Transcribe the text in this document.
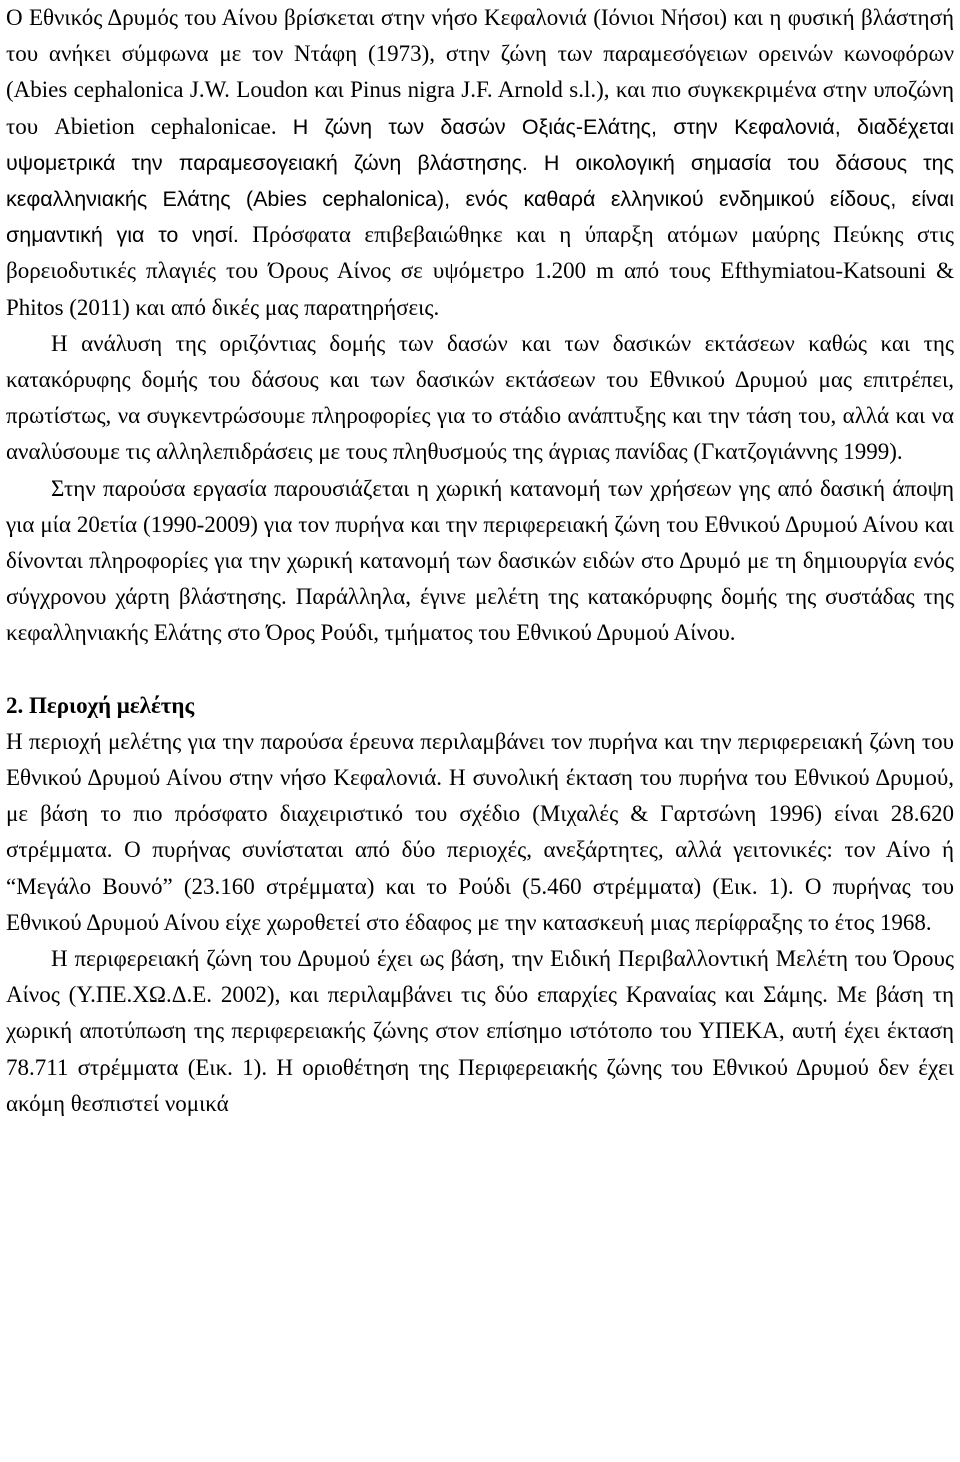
Ο Εθνικός Δρυμός του Αίνου βρίσκεται στην νήσο Κεφαλονιά (Ιόνιοι Νήσοι) και η φυσική βλάστησή του ανήκει σύμφωνα με τον Ντάφη (1973), στην ζώνη των παραμεσόγειων ορεινών κωνοφόρων (Abies cephalonica J.W. Loudon και Pinus nigra J.F. Arnold s.l.), και πιο συγκεκριμένα στην υποζώνη του Abietion cephalonicae. Η ζώνη των δασών Οξιάς-Ελάτης, στην Κεφαλονιά, διαδέχεται υψομετρικά την παραμεσογειακή ζώνη βλάστησης. Η οικολογική σημασία του δάσους της κεφαλληνιακής Ελάτης (Abies cephalonica), ενός καθαρά ελληνικού ενδημικού είδους, είναι σημαντική για το νησί. Πρόσφατα επιβεβαιώθηκε και η ύπαρξη ατόμων μαύρης Πεύκης στις βορειοδυτικές πλαγιές του Όρους Αίνος σε υψόμετρο 1.200 m από τους Efthymiatou-Katsouni & Phitos (2011) και από δικές μας παρατηρήσεις.

Η ανάλυση της οριζόντιας δομής των δασών και των δασικών εκτάσεων καθώς και της κατακόρυφης δομής του δάσους και των δασικών εκτάσεων του Εθνικού Δρυμού μας επιτρέπει, πρωτίστως, να συγκεντρώσουμε πληροφορίες για το στάδιο ανάπτυξης και την τάση του, αλλά και να αναλύσουμε τις αλληλεπιδράσεις με τους πληθυσμούς της άγριας πανίδας (Γκατζογιάννης 1999).

Στην παρούσα εργασία παρουσιάζεται η χωρική κατανομή των χρήσεων γης από δασική άποψη για μία 20ετία (1990-2009) για τον πυρήνα και την περιφερειακή ζώνη του Εθνικού Δρυμού Αίνου και δίνονται πληροφορίες για την χωρική κατανομή των δασικών ειδών στο Δρυμό με τη δημιουργία ενός σύγχρονου χάρτη βλάστησης. Παράλληλα, έγινε μελέτη της κατακόρυφης δομής της συστάδας της κεφαλληνιακής Ελάτης στο Όρος Ρούδι, τμήματος του Εθνικού Δρυμού Αίνου.

2. Περιοχή μελέτης

Η περιοχή μελέτης για την παρούσα έρευνα περιλαμβάνει τον πυρήνα και την περιφερειακή ζώνη του Εθνικού Δρυμού Αίνου στην νήσο Κεφαλονιά. Η συνολική έκταση του πυρήνα του Εθνικού Δρυμού, με βάση το πιο πρόσφατο διαχειριστικό του σχέδιο (Μιχαλές & Γαρτσώνη 1996) είναι 28.620 στρέμματα. Ο πυρήνας συνίσταται από δύο περιοχές, ανεξάρτητες, αλλά γειτονικές: τον Αίνο ή “Μεγάλο Βουνό” (23.160 στρέμματα) και το Ρούδι (5.460 στρέμματα) (Εικ. 1). Ο πυρήνας του Εθνικού Δρυμού Αίνου είχε χωροθετεί στο έδαφος με την κατασκευή μιας περίφραξης το έτος 1968.

Η περιφερειακή ζώνη του Δρυμού έχει ως βάση, την Ειδική Περιβαλλοντική Μελέτη του Όρους Αίνος (Υ.ΠΕ.ΧΩ.Δ.Ε. 2002), και περιλαμβάνει τις δύο επαρχίες Κραναίας και Σάμης. Με βάση τη χωρική αποτύπωση της περιφερειακής ζώνης στον επίσημο ιστότοπο του ΥΠΕΚΑ, αυτή έχει έκταση 78.711 στρέμματα (Εικ. 1). Η οριοθέτηση της Περιφερειακής ζώνης του Εθνικού Δρυμού δεν έχει ακόμη θεσπιστεί νομικά
